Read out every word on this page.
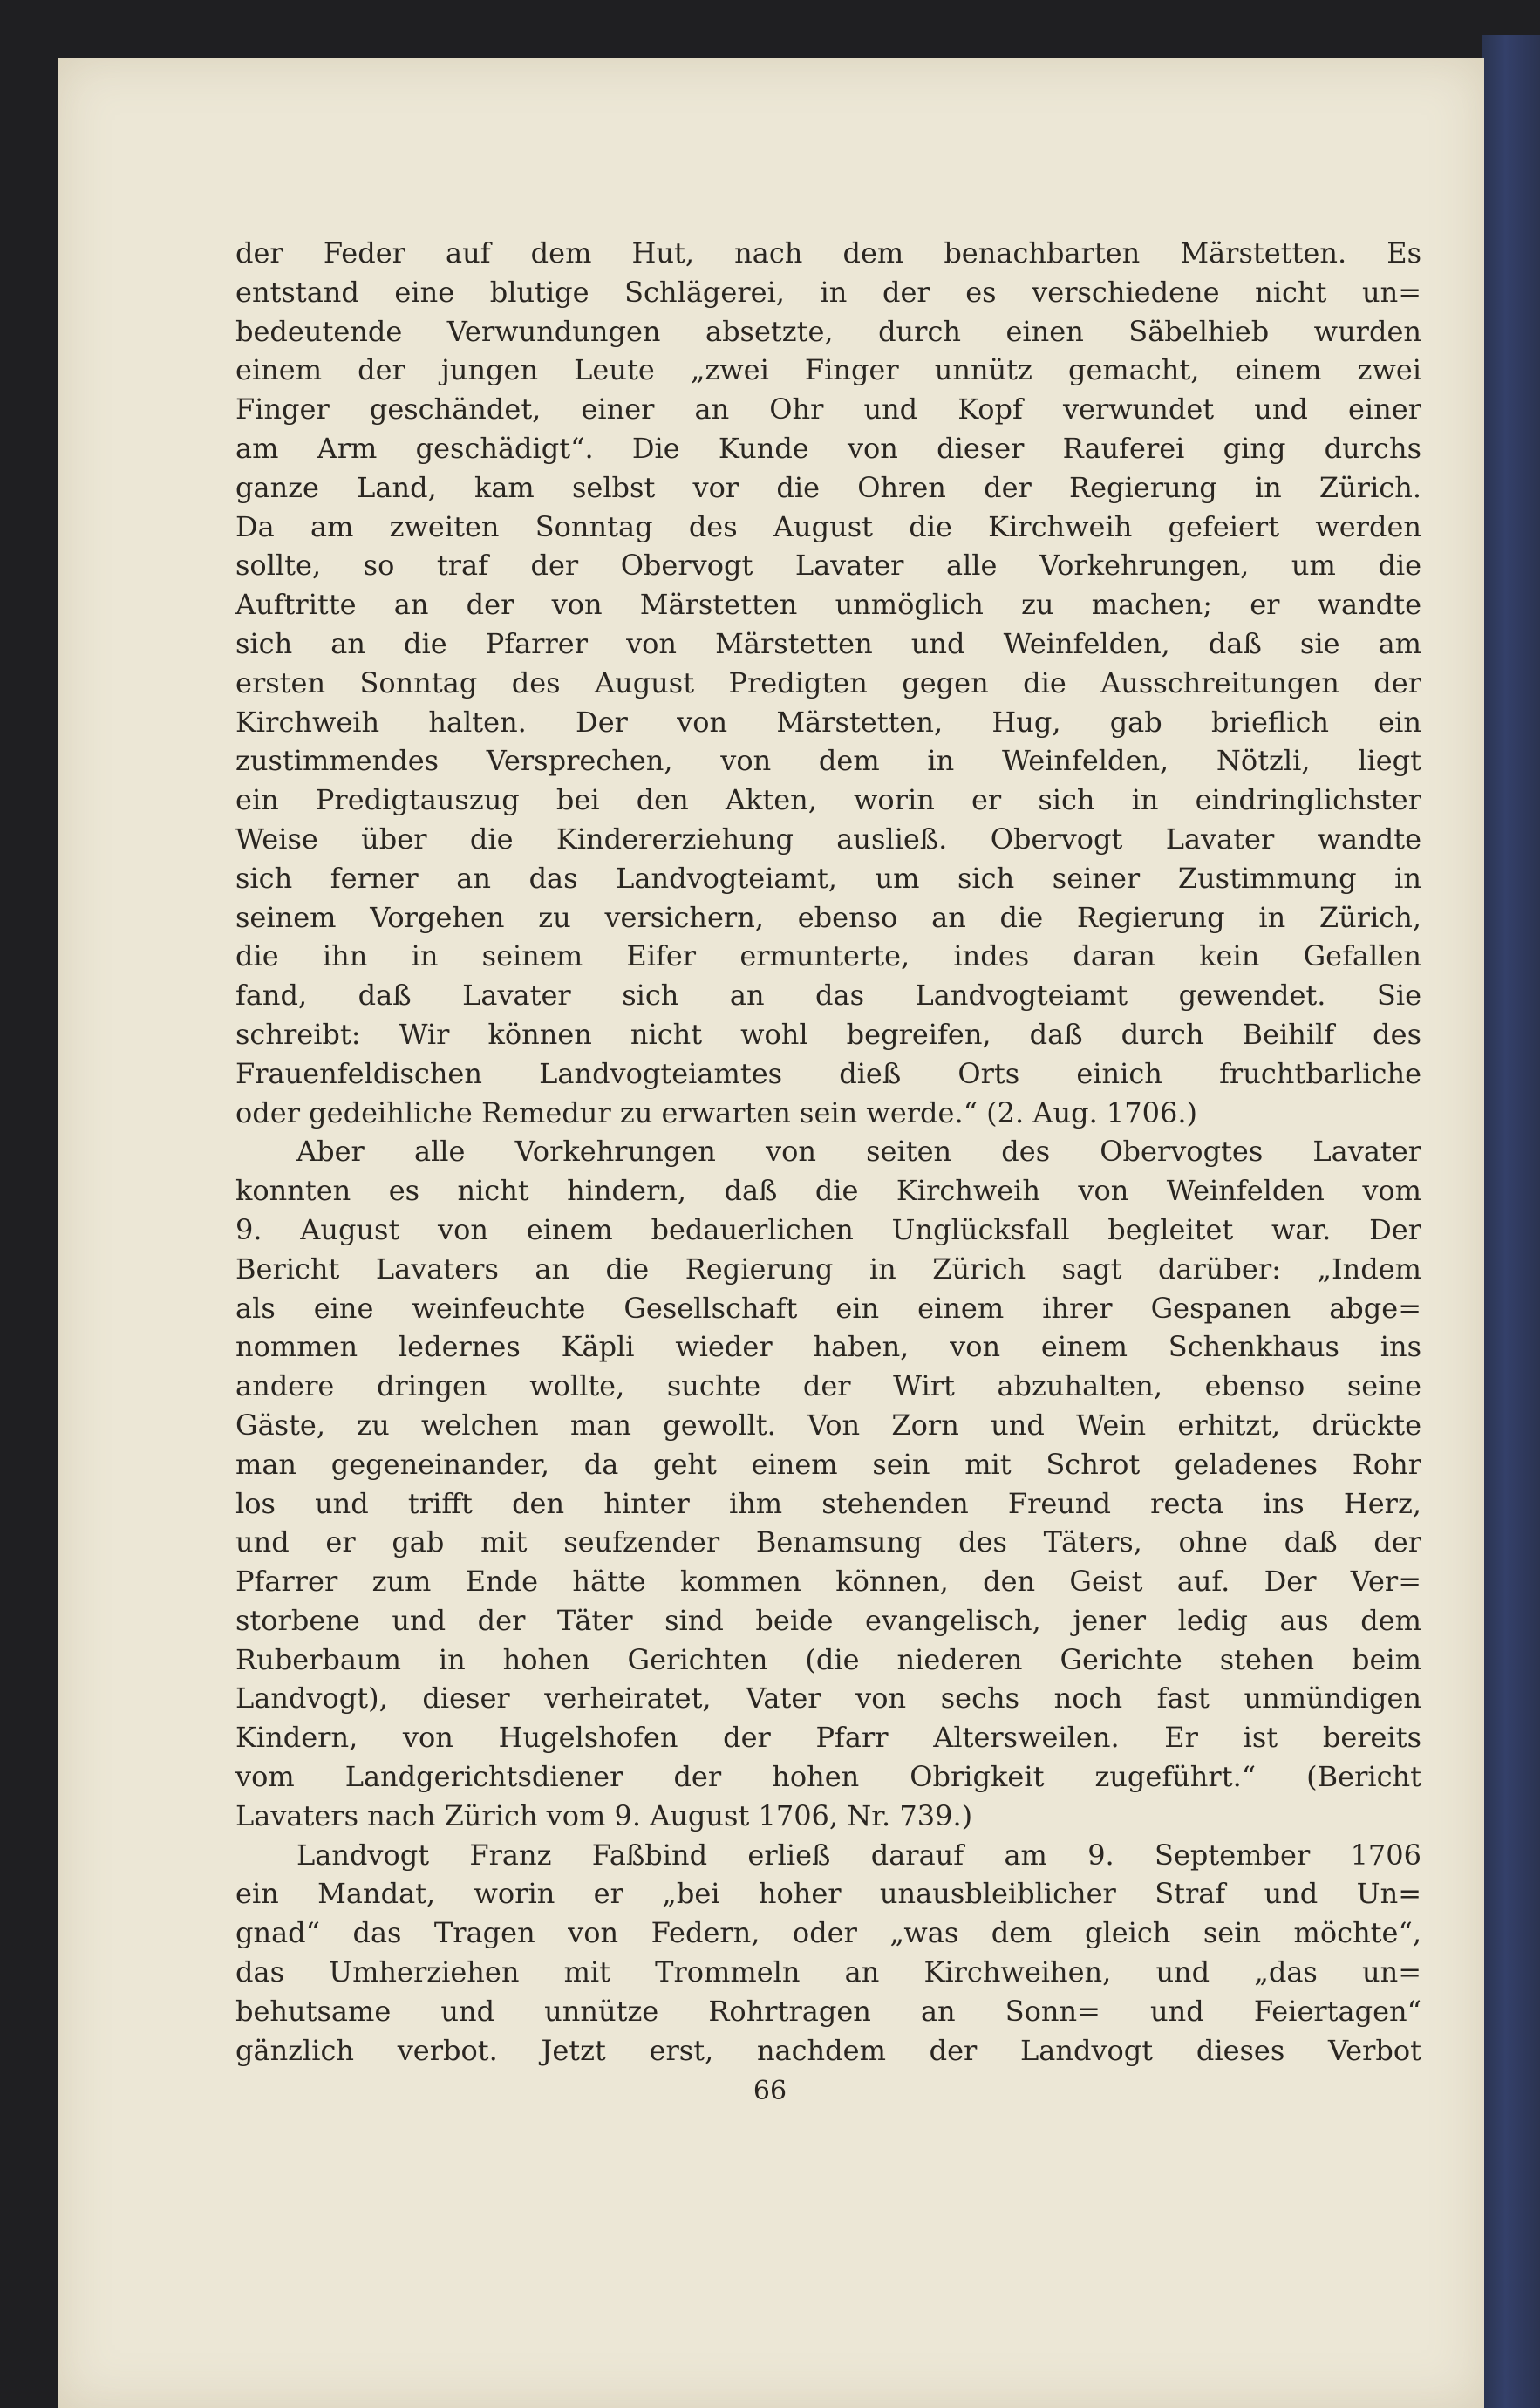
der Feder auf dem Hut, nach dem benachbarten Märstetten. Es
entstand eine blutige Schlägerei, in der es verschiedene nicht un=
bedeutende Verwundungen absetzte, durch einen Säbelhieb wurden
einem der jungen Leute „zwei Finger unnütz gemacht, einem zwei
Finger geschändet, einer an Ohr und Kopf verwundet und einer
am Arm geschädigt“. Die Kunde von dieser Rauferei ging durchs
ganze Land, kam selbst vor die Ohren der Regierung in Zürich.
Da am zweiten Sonntag des August die Kirchweih gefeiert werden
sollte, so traf der Obervogt Lavater alle Vorkehrungen, um die
Auftritte an der von Märstetten unmöglich zu machen; er wandte
sich an die Pfarrer von Märstetten und Weinfelden, daß sie am
ersten Sonntag des August Predigten gegen die Ausschreitungen der
Kirchweih halten. Der von Märstetten, Hug, gab brieflich ein
zustimmendes Versprechen, von dem in Weinfelden, Nötzli, liegt
ein Predigtauszug bei den Akten, worin er sich in eindringlichster
Weise über die Kindererziehung ausließ. Obervogt Lavater wandte
sich ferner an das Landvogteiamt, um sich seiner Zustimmung in
seinem Vorgehen zu versichern, ebenso an die Regierung in Zürich,
die ihn in seinem Eifer ermunterte, indes daran kein Gefallen
fand, daß Lavater sich an das Landvogteiamt gewendet. Sie
schreibt: Wir können nicht wohl begreifen, daß durch Beihilf des
Frauenfeldischen Landvogteiamtes dieß Orts einich fruchtbarliche
oder gedeihliche Remedur zu erwarten sein werde.“ (2. Aug. 1706.)
Aber alle Vorkehrungen von seiten des Obervogtes Lavater
konnten es nicht hindern, daß die Kirchweih von Weinfelden vom
9. August von einem bedauerlichen Unglücksfall begleitet war. Der
Bericht Lavaters an die Regierung in Zürich sagt darüber: „Indem
als eine weinfeuchte Gesellschaft ein einem ihrer Gespanen abge=
nommen ledernes Käpli wieder haben, von einem Schenkhaus ins
andere dringen wollte, suchte der Wirt abzuhalten, ebenso seine
Gäste, zu welchen man gewollt. Von Zorn und Wein erhitzt, drückte
man gegeneinander, da geht einem sein mit Schrot geladenes Rohr
los und trifft den hinter ihm stehenden Freund recta ins Herz,
und er gab mit seufzender Benamsung des Täters, ohne daß der
Pfarrer zum Ende hätte kommen können, den Geist auf. Der Ver=
storbene und der Täter sind beide evangelisch, jener ledig aus dem
Ruberbaum in hohen Gerichten (die niederen Gerichte stehen beim
Landvogt), dieser verheiratet, Vater von sechs noch fast unmündigen
Kindern, von Hugelshofen der Pfarr Altersweilen. Er ist bereits
vom Landgerichtsdiener der hohen Obrigkeit zugeführt.“ (Bericht
Lavaters nach Zürich vom 9. August 1706, Nr. 739.)
Landvogt Franz Faßbind erließ darauf am 9. September 1706
ein Mandat, worin er „bei hoher unausbleiblicher Straf und Un=
gnad“ das Tragen von Federn, oder „was dem gleich sein möchte“,
das Umherziehen mit Trommeln an Kirchweihen, und „das un=
behutsame und unnütze Rohrtragen an Sonn= und Feiertagen“
gänzlich verbot. Jetzt erst, nachdem der Landvogt dieses Verbot
66
